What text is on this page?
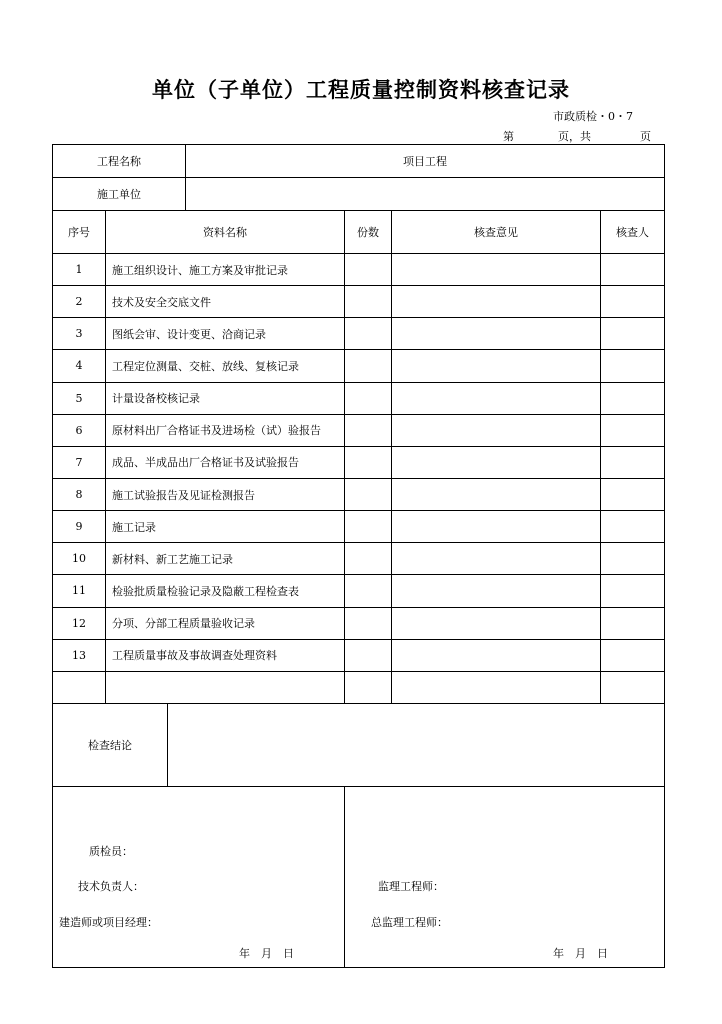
单位（子单位）工程质量控制资料核查记录
市政质检・0・7
第	页，共	页
工程名称	项目工程
施工单位
序号	资料名称	份数	核查意见	核查人
1	施工组织设计、施工方案及审批记录
2	技术及安全交底文件
3	图纸会审、设计变更、洽商记录
4	工程定位测量、交桩、放线、复核记录
5	计量设备校核记录
6	原材料出厂合格证书及进场检（试）验报告
7	成品、半成品出厂合格证书及试验报告
8	施工试验报告及见证检测报告
9	施工记录
10	新材料、新工艺施工记录
11	检验批质量检验记录及隐蔽工程检查表
12	分项、分部工程质量验收记录
13	工程质量事故及事故调查处理资料
检查结论
质检员：
技术负责人：
建造师或项目经理：
年　月　日
监理工程师：
总监理工程师：
年　月　日
